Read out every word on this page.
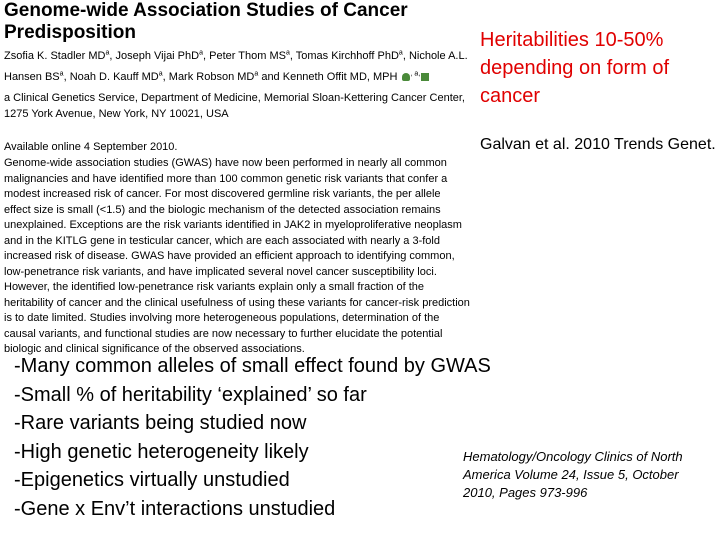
Genome-wide Association Studies of Cancer Predisposition
Zsofia K. Stadler $MD^a$, Joseph Vijai PhD$^a$, Peter Thom $MS^a$, Tomas Kirchhoff PhD$^a$, Nichole A.L. Hansen $BS^a$, Noah D. Kauff $MD^a$, Mark Robson $MD^a$ and Kenneth Offit MD, MPH $^{, a,}$
a Clinical Genetics Service, Department of Medicine, Memorial Sloan-Kettering Cancer Center, 1275 York Avenue, New York, NY 10021, USA
Available online 4 September 2010.
Genome-wide association studies (GWAS) have now been performed in nearly all common malignancies and have identified more than 100 common genetic risk variants that confer a modest increased risk of cancer. For most discovered germline risk variants, the per allele effect size is small (<1.5) and the biologic mechanism of the detected association remains unexplained. Exceptions are the risk variants identified in JAK2 in myeloproliferative neoplasm and in the KITLG gene in testicular cancer, which are each associated with nearly a 3-fold increased risk of disease. GWAS have provided an efficient approach to identifying common, low-penetrance risk variants, and have implicated several novel cancer susceptibility loci. However, the identified low-penetrance risk variants explain only a small fraction of the heritability of cancer and the clinical usefulness of using these variants for cancer-risk prediction is to date limited. Studies involving more heterogeneous populations, determination of the causal variants, and functional studies are now necessary to further elucidate the potential biologic and clinical significance of the observed associations.
Heritabilities 10-50% depending on form of cancer
Galvan et al. 2010 Trends Genet.
-Many common alleles of small effect found by GWAS
-Small % of heritability ‘explained’ so far
-Rare variants being studied now
-High genetic heterogeneity likely
-Epigenetics virtually unstudied
-Gene x Env’t interactions unstudied
Hematology/Oncology Clinics of North America Volume 24, Issue 5, October 2010, Pages 973-996
